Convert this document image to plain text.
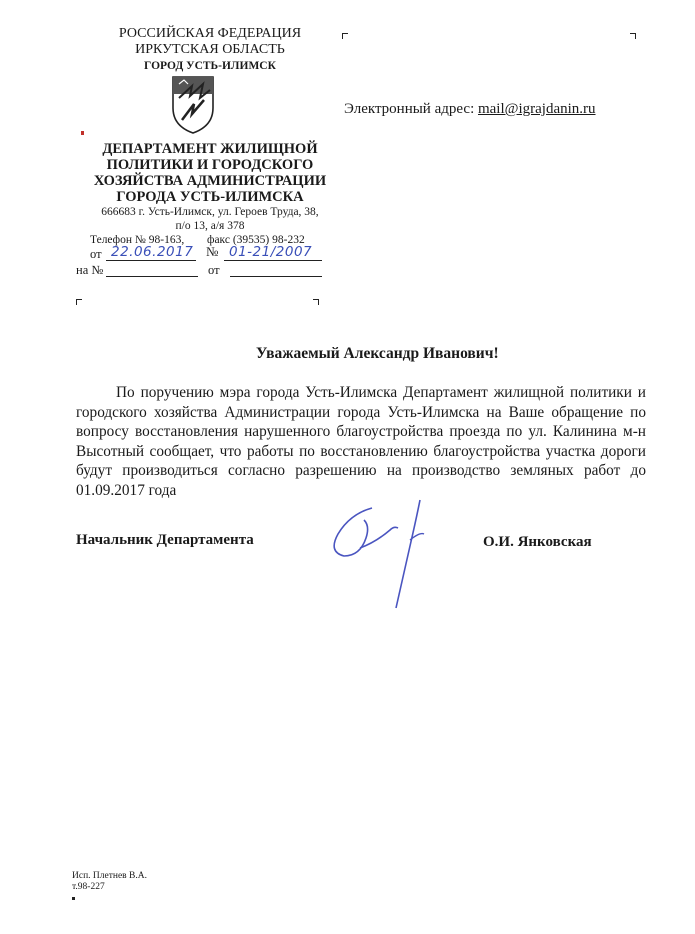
РОССИЙСКАЯ ФЕДЕРАЦИЯ
ИРКУТСКАЯ ОБЛАСТЬ
ГОРОД УСТЬ-ИЛИМСК
ДЕПАРТАМЕНТ ЖИЛИЩНОЙ
ПОЛИТИКИ И ГОРОДСКОГО
ХОЗЯЙСТВА АДМИНИСТРАЦИИ
ГОРОДА УСТЬ-ИЛИМСКА
666683 г. Усть-Илимск, ул. Героев Труда, 38,
п/о 13, а/я 378
Телефон № 98-163, факс (39535) 98-232
от 22.06.2017 № 01-21/2007
на №	от
Электронный адрес: mail@igrajdanin.ru
Уважаемый Александр Иванович!
По поручению мэра города Усть-Илимска Департамент жилищной политики и городского хозяйства Администрации города Усть-Илимска на Ваше обращение по вопросу восстановления нарушенного благоустройства проезда по ул. Калинина м-н Высотный сообщает, что работы по восстановлению благоустройства участка дороги будут производиться согласно разрешению на производство земляных работ до 01.09.2017 года
Начальник Департамента	О.И. Янковская
Исп. Плетнев В.А.
т.98-227
